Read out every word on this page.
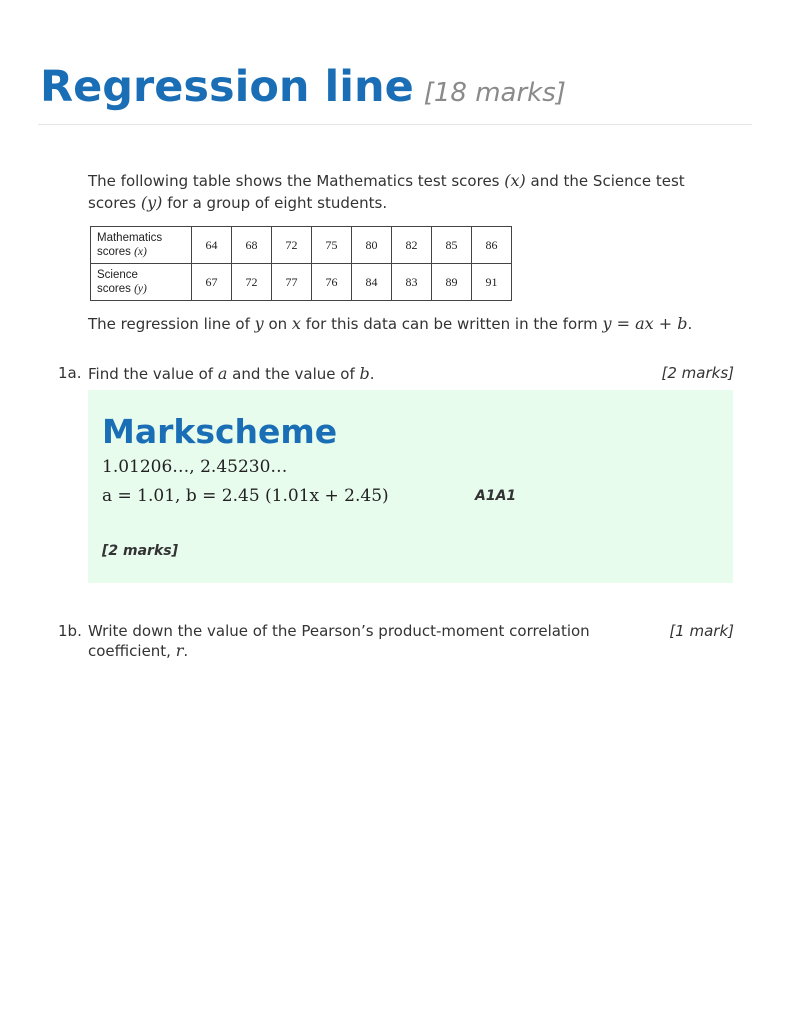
Regression line [18 marks]
The following table shows the Mathematics test scores (x) and the Science test scores (y) for a group of eight students.
Mathematics
scores (x)	64	68	72	75	80	82	85	86
Science
scores (y)	67	72	77	76	84	83	89	91
The regression line of y on x for this data can be written in the form y = ax + b.
1a. Find the value of a and the value of b.	[2 marks]
Markscheme
1.01206…, 2.45230…
a = 1.01, b = 2.45 (1.01x + 2.45)	A1A1
[2 marks]
1b. Write down the value of the Pearson’s product-moment correlation
coefficient, r.
[1 mark]
